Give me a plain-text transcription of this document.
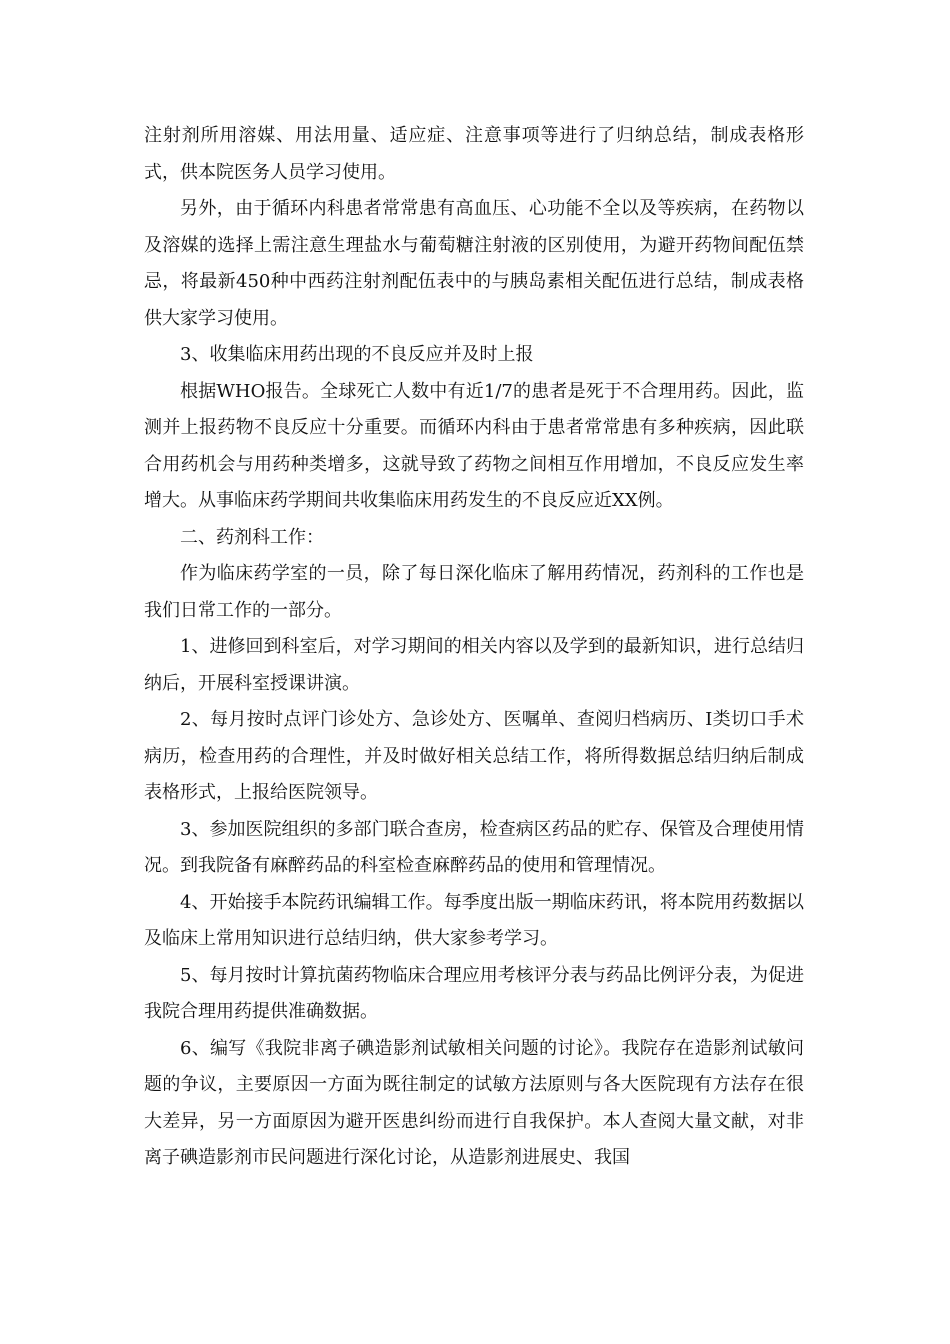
注射剂所用溶媒、用法用量、适应症、注意事项等进行了归纳总结，制成表格形式，供本院医务人员学习使用。

另外，由于循环内科患者常常患有高血压、心功能不全以及等疾病，在药物以及溶媒的选择上需注意生理盐水与葡萄糖注射液的区别使用，为避开药物间配伍禁忌，将最新450种中西药注射剂配伍表中的与胰岛素相关配伍进行总结，制成表格供大家学习使用。

3、收集临床用药出现的不良反应并及时上报

根据WHO报告。全球死亡人数中有近1/7的患者是死于不合理用药。因此，监测并上报药物不良反应十分重要。而循环内科由于患者常常患有多种疾病，因此联合用药机会与用药种类增多，这就导致了药物之间相互作用增加，不良反应发生率增大。从事临床药学期间共收集临床用药发生的不良反应近XX例。

二、药剂科工作：

作为临床药学室的一员，除了每日深化临床了解用药情况，药剂科的工作也是我们日常工作的一部分。

1、进修回到科室后，对学习期间的相关内容以及学到的最新知识，进行总结归纳后，开展科室授课讲演。

2、每月按时点评门诊处方、急诊处方、医嘱单、查阅归档病历、Ⅰ类切口手术病历，检查用药的合理性，并及时做好相关总结工作，将所得数据总结归纳后制成表格形式，上报给医院领导。

3、参加医院组织的多部门联合查房，检查病区药品的贮存、保管及合理使用情况。到我院备有麻醉药品的科室检查麻醉药品的使用和管理情况。

4、开始接手本院药讯编辑工作。每季度出版一期临床药讯，将本院用药数据以及临床上常用知识进行总结归纳，供大家参考学习。

5、每月按时计算抗菌药物临床合理应用考核评分表与药品比例评分表，为促进我院合理用药提供准确数据。

6、编写《我院非离子碘造影剂试敏相关问题的讨论》。我院存在造影剂试敏问题的争议，主要原因一方面为既往制定的试敏方法原则与各大医院现有方法存在很大差异，另一方面原因为避开医患纠纷而进行自我保护。本人查阅大量文献，对非离子碘造影剂市民问题进行深化讨论，从造影剂进展史、我国
